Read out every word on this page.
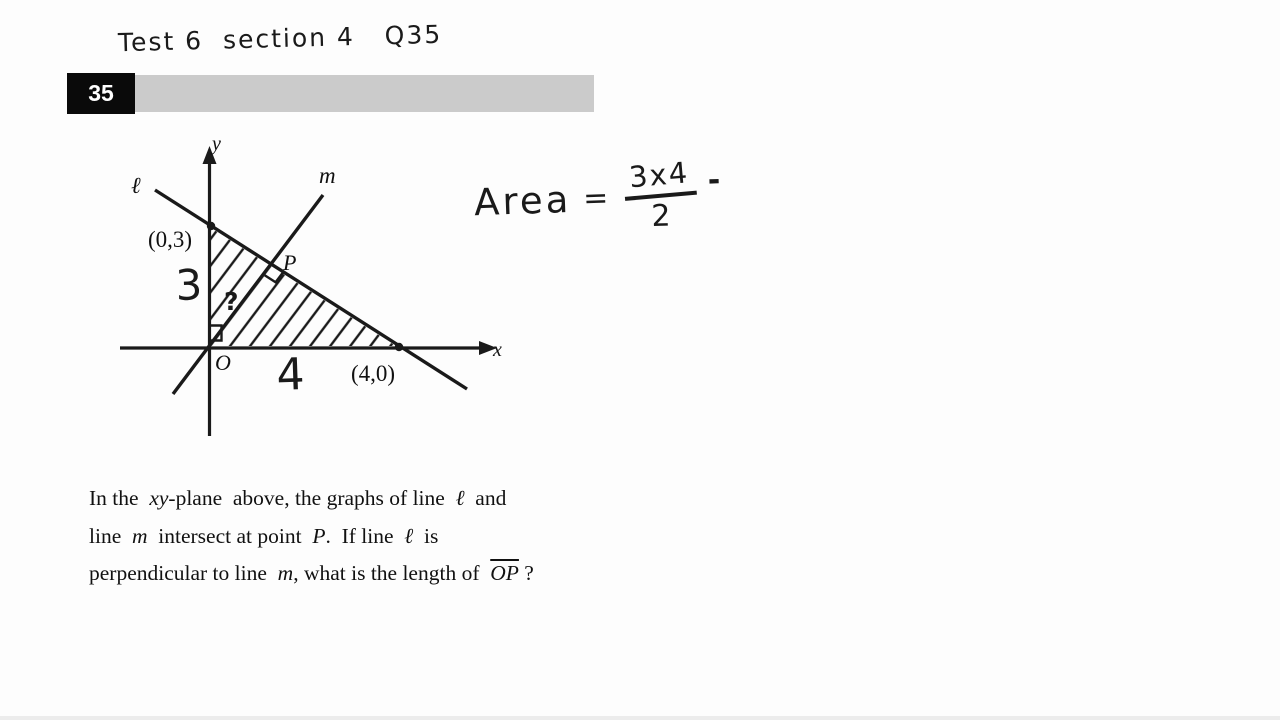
Test 6  section 4   Q35
35
y
x
ℓ	m
P
O
(0,3)
(4,0)
3
4
?
Area = $\frac{3x4}{2}$ -
In the  xy-plane  above, the graphs of line  ℓ  and
line  m  intersect at point  P.  If line  ℓ  is
perpendicular to line  m, what is the length of  $\overline{OP}$ ?
